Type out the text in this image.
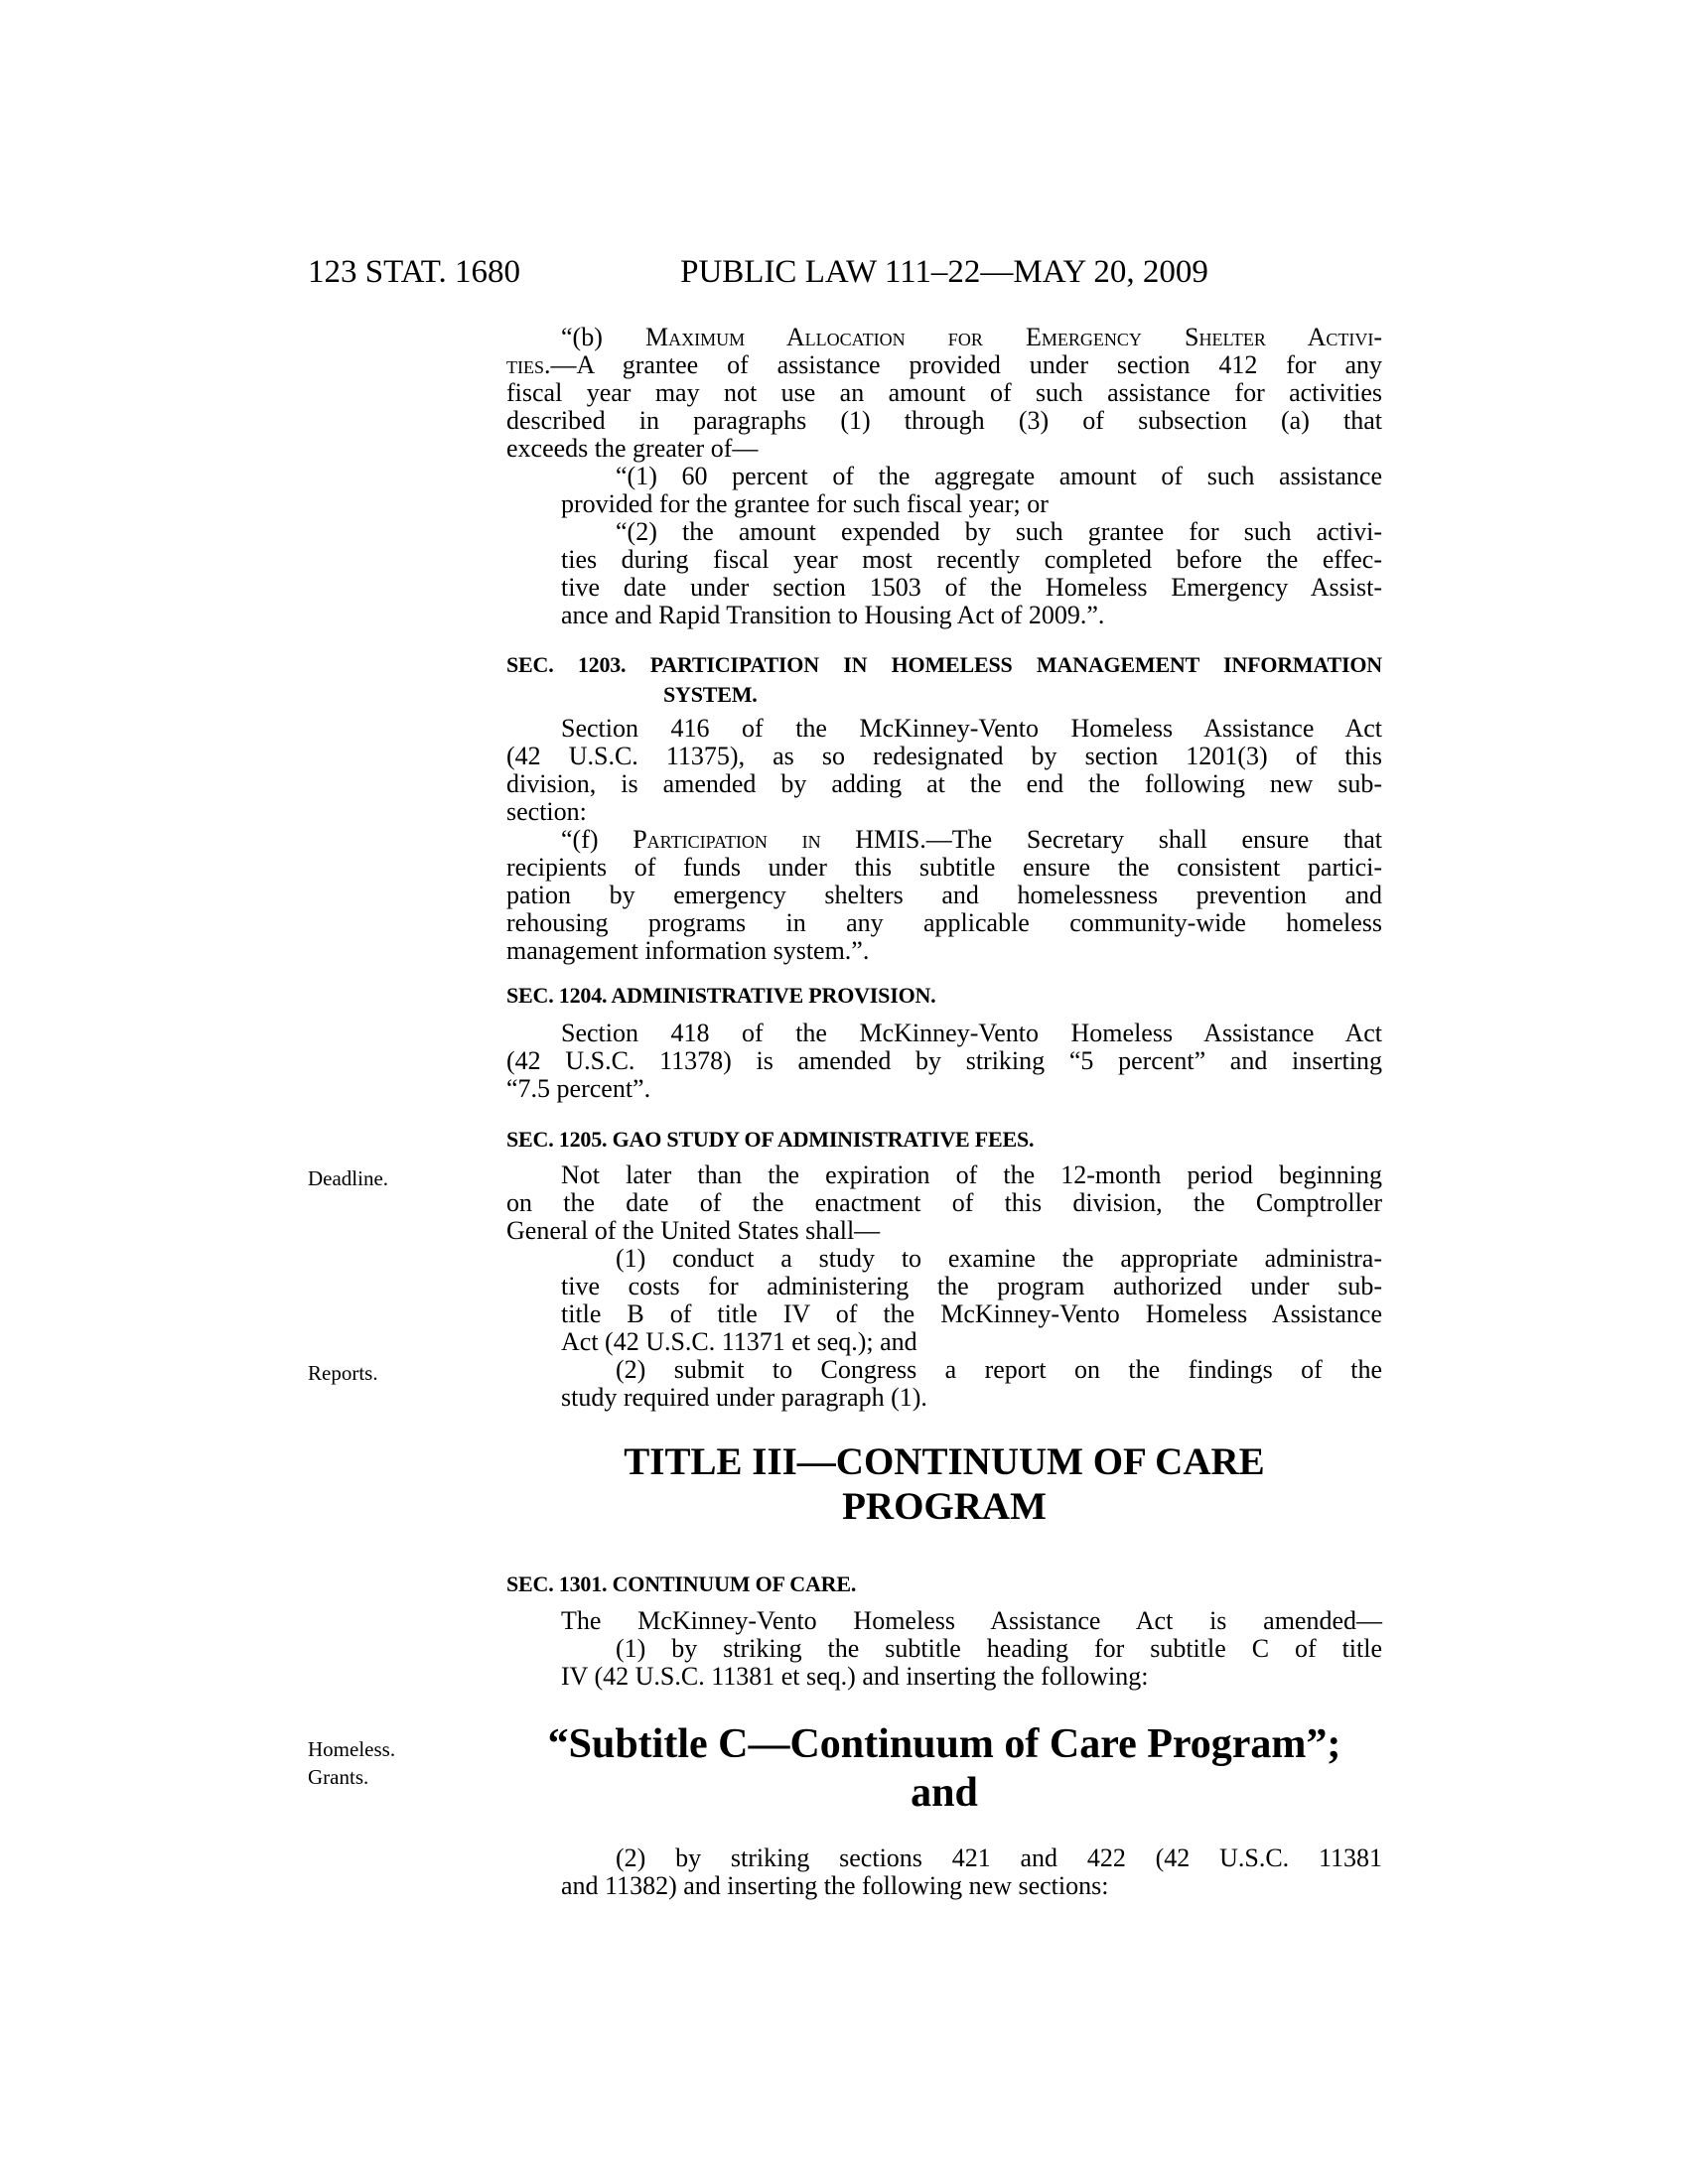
123 STAT. 1680	PUBLIC LAW 111–22—MAY 20, 2009
Deadline.
Reports.
Homeless.
Grants.
“(b) Maximum Allocation for Emergency Shelter Activi-
ties.—A grantee of assistance provided under section 412 for any
fiscal year may not use an amount of such assistance for activities
described in paragraphs (1) through (3) of subsection (a) that
exceeds the greater of—
“(1) 60 percent of the aggregate amount of such assistance
provided for the grantee for such fiscal year; or
“(2) the amount expended by such grantee for such activi-
ties during fiscal year most recently completed before the effec-
tive date under section 1503 of the Homeless Emergency Assist-
ance and Rapid Transition to Housing Act of 2009.”.
SEC. 1203. PARTICIPATION IN HOMELESS MANAGEMENT INFORMATION
SYSTEM.
Section 416 of the McKinney-Vento Homeless Assistance Act
(42 U.S.C. 11375), as so redesignated by section 1201(3) of this
division, is amended by adding at the end the following new sub-
section:
“(f) Participation in HMIS.—The Secretary shall ensure that
recipients of funds under this subtitle ensure the consistent partici-
pation by emergency shelters and homelessness prevention and
rehousing programs in any applicable community-wide homeless
management information system.”.
SEC. 1204. ADMINISTRATIVE PROVISION.
Section 418 of the McKinney-Vento Homeless Assistance Act
(42 U.S.C. 11378) is amended by striking “5 percent” and inserting
“7.5 percent”.
SEC. 1205. GAO STUDY OF ADMINISTRATIVE FEES.
Not later than the expiration of the 12-month period beginning
on the date of the enactment of this division, the Comptroller
General of the United States shall—
(1) conduct a study to examine the appropriate administra-
tive costs for administering the program authorized under sub-
title B of title IV of the McKinney-Vento Homeless Assistance
Act (42 U.S.C. 11371 et seq.); and
(2) submit to Congress a report on the findings of the
study required under paragraph (1).
TITLE III—CONTINUUM OF CARE
PROGRAM
SEC. 1301. CONTINUUM OF CARE.
The McKinney-Vento Homeless Assistance Act is amended—
(1) by striking the subtitle heading for subtitle C of title
IV (42 U.S.C. 11381 et seq.) and inserting the following:
“Subtitle C—Continuum of Care Program”;
and
(2) by striking sections 421 and 422 (42 U.S.C. 11381
and 11382) and inserting the following new sections:
